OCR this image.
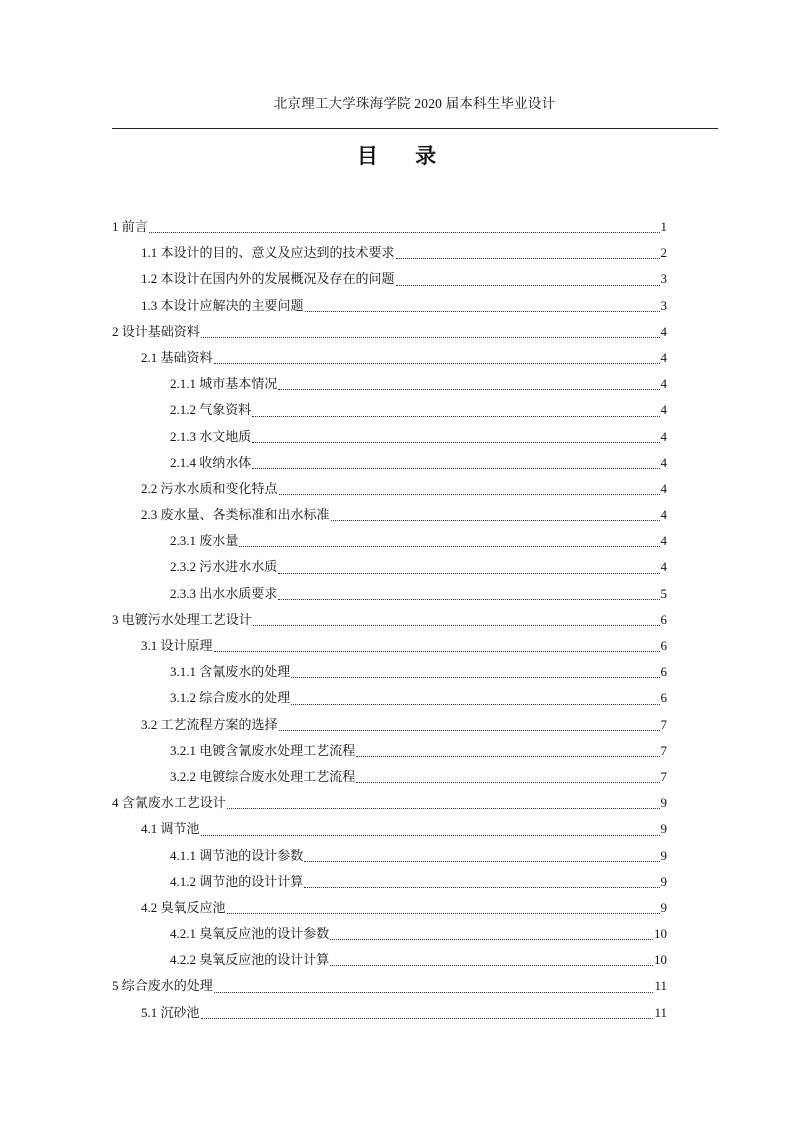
北京理工大学珠海学院 2020 届本科生毕业设计
目 录
1 前言	1
1.1 本设计的目的、意义及应达到的技术要求	2
1.2 本设计在国内外的发展概况及存在的问题	3
1.3 本设计应解决的主要问题	3
2 设计基础资料	4
2.1 基础资料	4
2.1.1 城市基本情况	4
2.1.2 气象资料	4
2.1.3 水文地质	4
2.1.4 收纳水体	4
2.2 污水水质和变化特点	4
2.3 废水量、各类标准和出水标准	4
2.3.1 废水量	4
2.3.2 污水进水水质	4
2.3.3 出水水质要求	5
3 电镀污水处理工艺设计	6
3.1 设计原理	6
3.1.1 含氰废水的处理	6
3.1.2 综合废水的处理	6
3.2 工艺流程方案的选择	7
3.2.1 电镀含氰废水处理工艺流程	7
3.2.2 电镀综合废水处理工艺流程	7
4 含氰废水工艺设计	9
4.1 调节池	9
4.1.1 调节池的设计参数	9
4.1.2 调节池的设计计算	9
4.2 臭氧反应池	9
4.2.1 臭氧反应池的设计参数	10
4.2.2 臭氧反应池的设计计算	10
5 综合废水的处理	11
5.1 沉砂池	11
